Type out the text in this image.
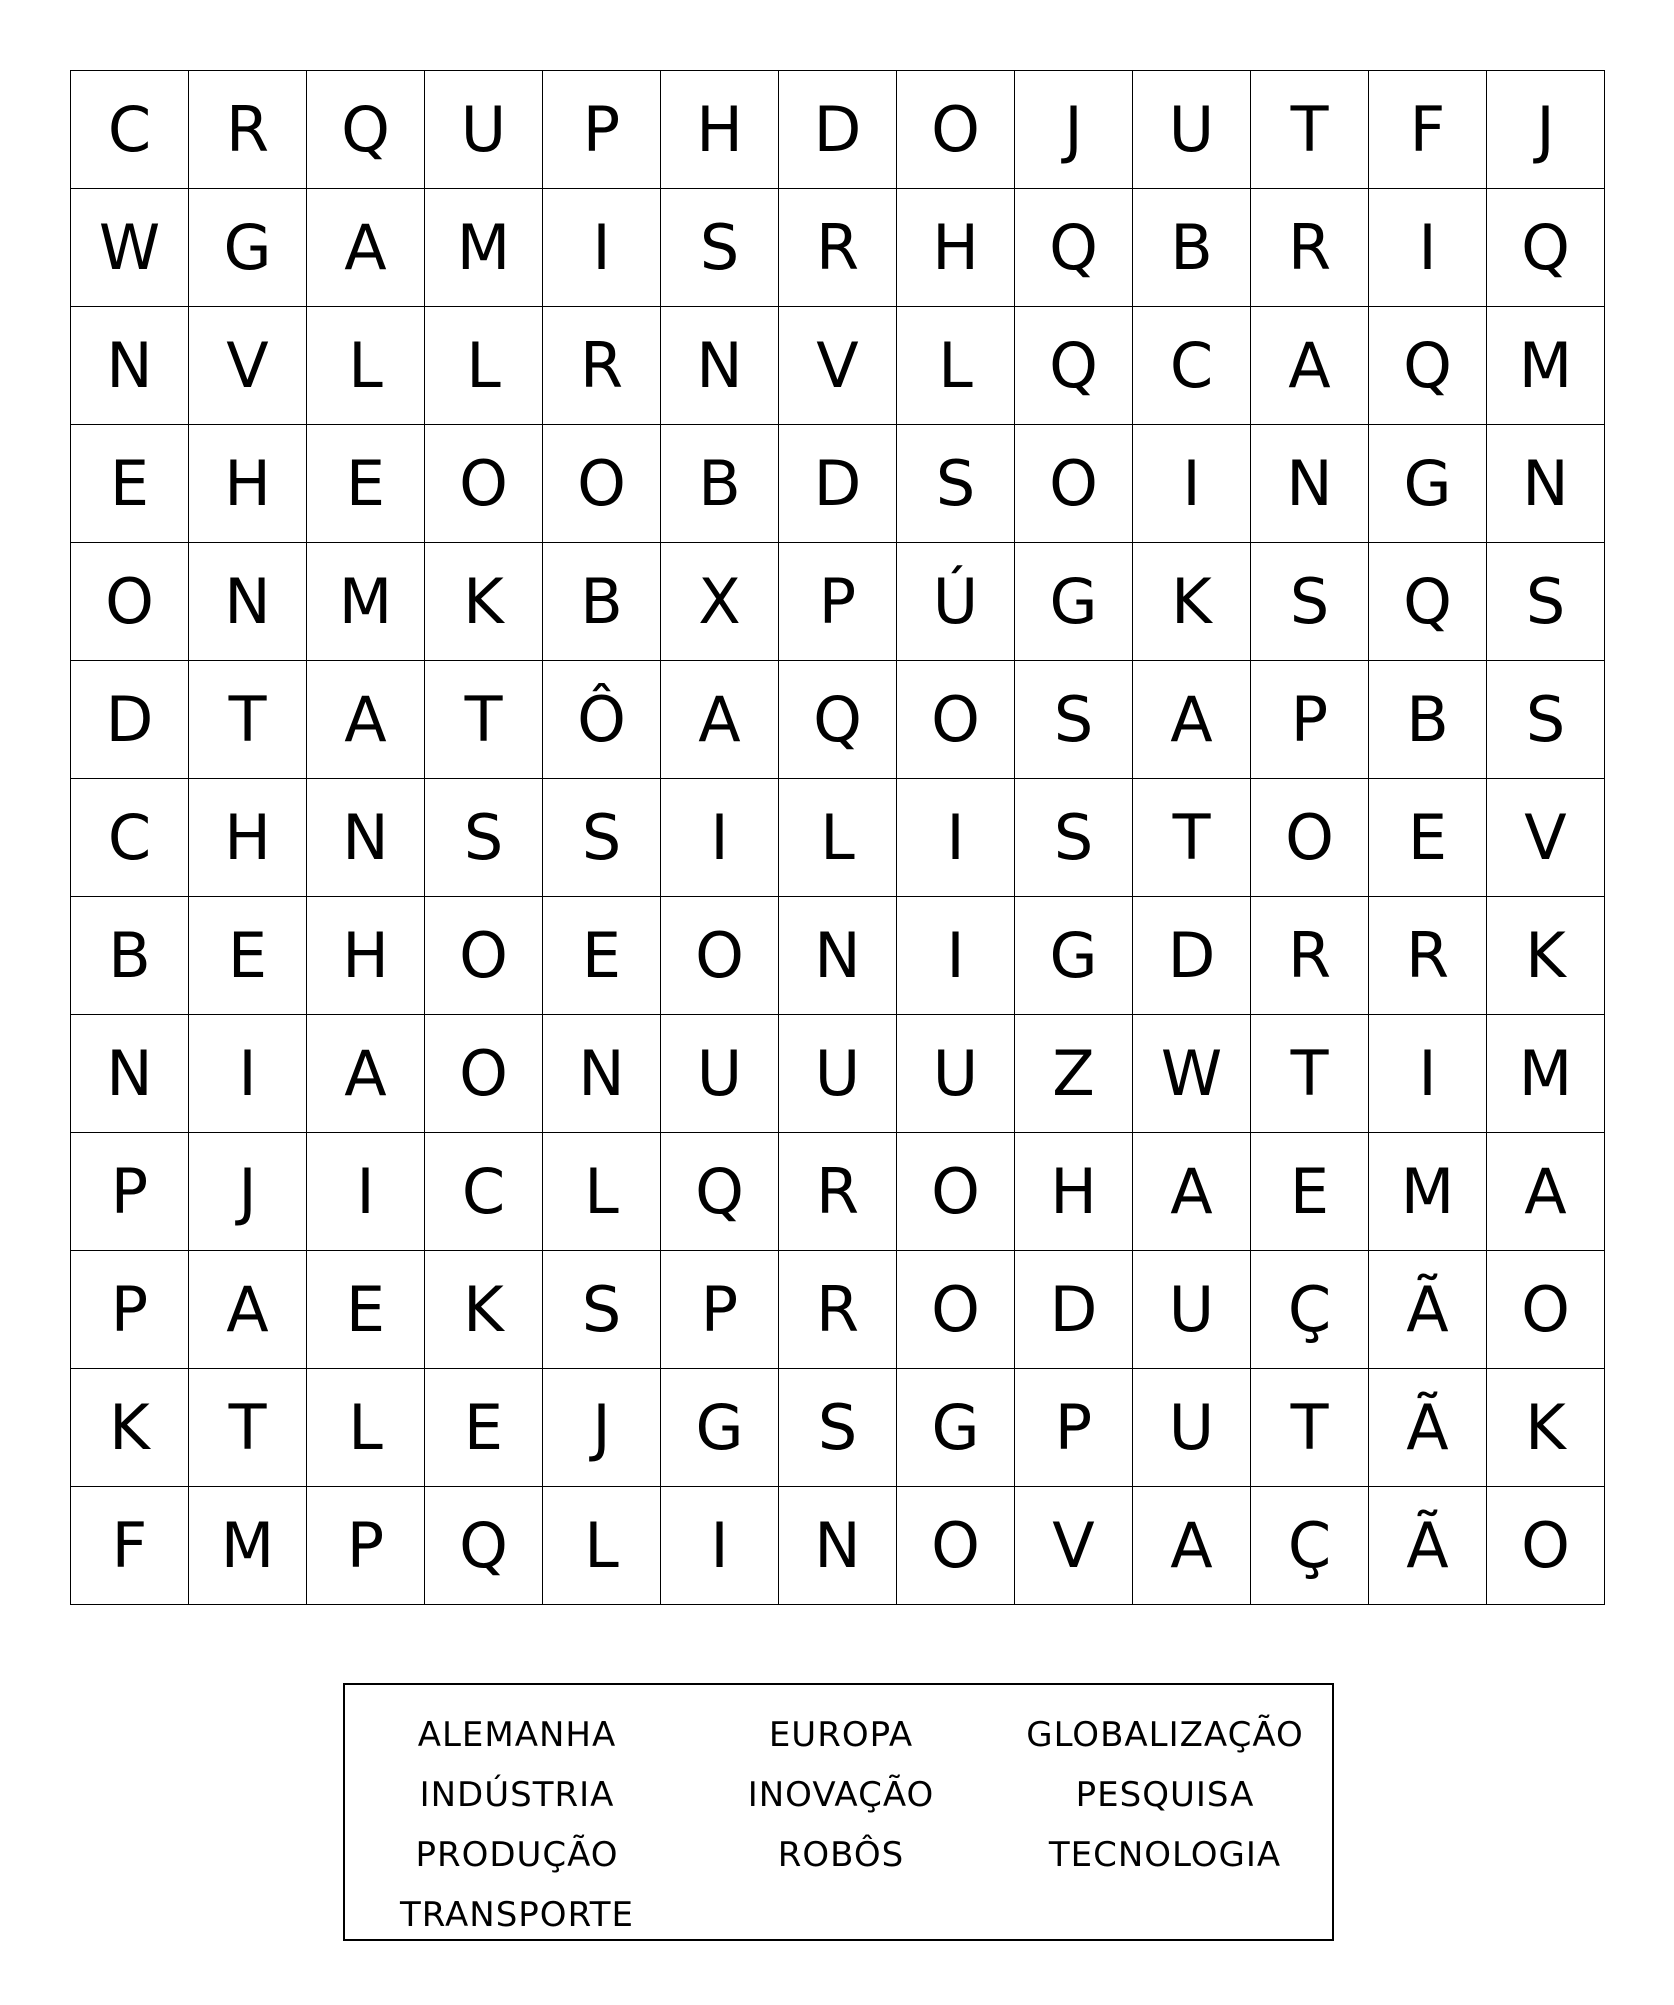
C	R	Q	U	P	H	D	O	J	U	T	F	J
W	G	A	M	I	S	R	H	Q	B	R	I	Q
N	V	L	L	R	N	V	L	Q	C	A	Q	M
E	H	E	O	O	B	D	S	O	I	N	G	N
O	N	M	K	B	X	P	Ú	G	K	S	Q	S
D	T	A	T	Ô	A	Q	O	S	A	P	B	S
C	H	N	S	S	I	L	I	S	T	O	E	V
B	E	H	O	E	O	N	I	G	D	R	R	K
N	I	A	O	N	U	U	U	Z	W	T	I	M
P	J	I	C	L	Q	R	O	H	A	E	M	A
P	A	E	K	S	P	R	O	D	U	Ç	Ã	O
K	T	L	E	J	G	S	G	P	U	T	Ã	K
F	M	P	Q	L	I	N	O	V	A	Ç	Ã	O
ALEMANHA
INDÚSTRIA
PRODUÇÃO
TRANSPORTE
EUROPA
INOVAÇÃO
ROBÔS
GLOBALIZAÇÃO
PESQUISA
TECNOLOGIA
